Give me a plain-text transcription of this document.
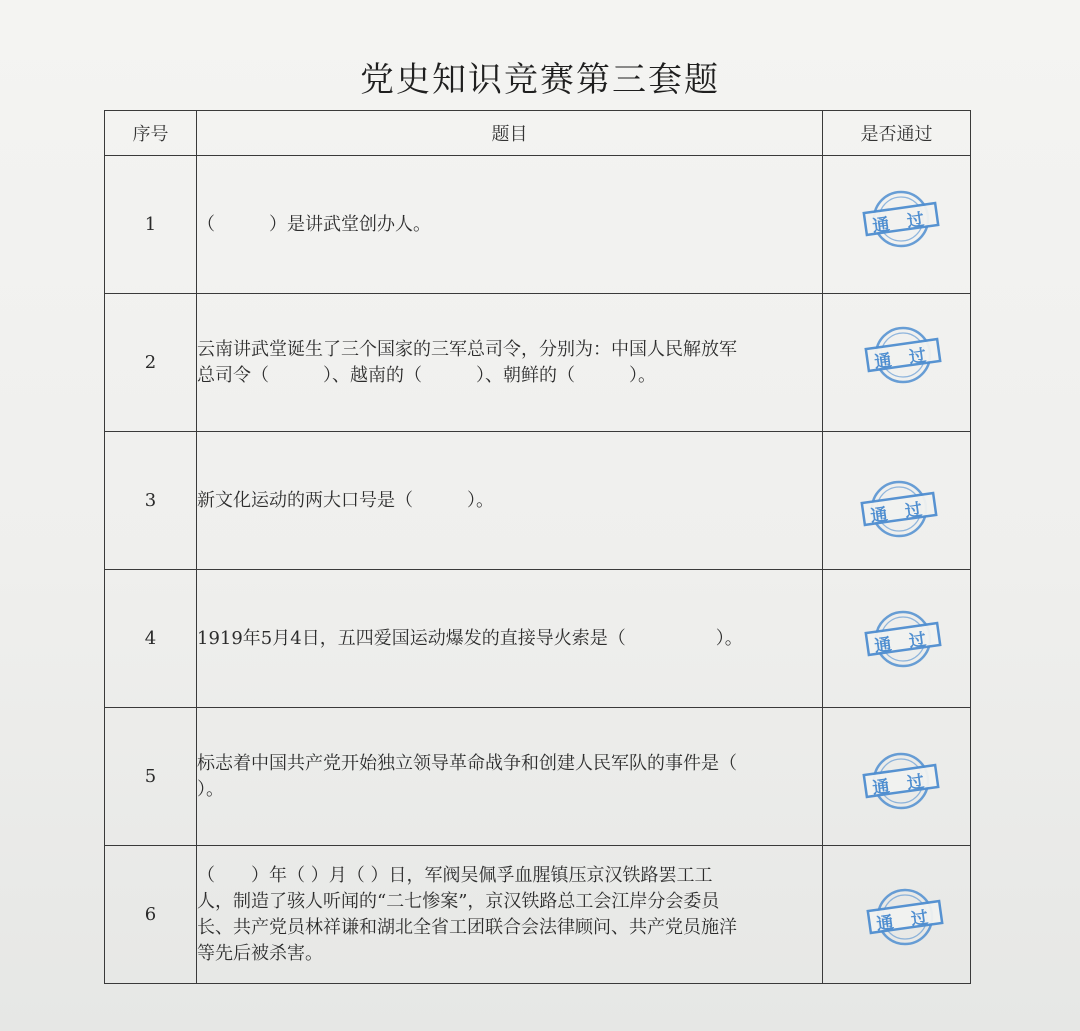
党史知识竞赛第三套题
序号	题目	是否通过
1	（　　　）是讲武堂创办人。	通 过

2	云南讲武堂诞生了三个国家的三军总司令，分别为：中国人民解放军
总司令（　　　）、越南的（　　　）、朝鲜的（　　　）。	通 过

3	新文化运动的两大口号是（　　　）。	通 过

4	1919年5月4日，五四爱国运动爆发的直接导火索是（　　　　　）。	通 过

5	标志着中国共产党开始独立领导革命战争和创建人民军队的事件是（
）。	通 过

6	（　　）年（ ）月（ ）日，军阀吴佩孚血腥镇压京汉铁路罢工工
人，制造了骇人听闻的“二七惨案”，京汉铁路总工会江岸分会委员
长、共产党员林祥谦和湖北全省工团联合会法律顾问、共产党员施洋
等先后被杀害。	通 过
